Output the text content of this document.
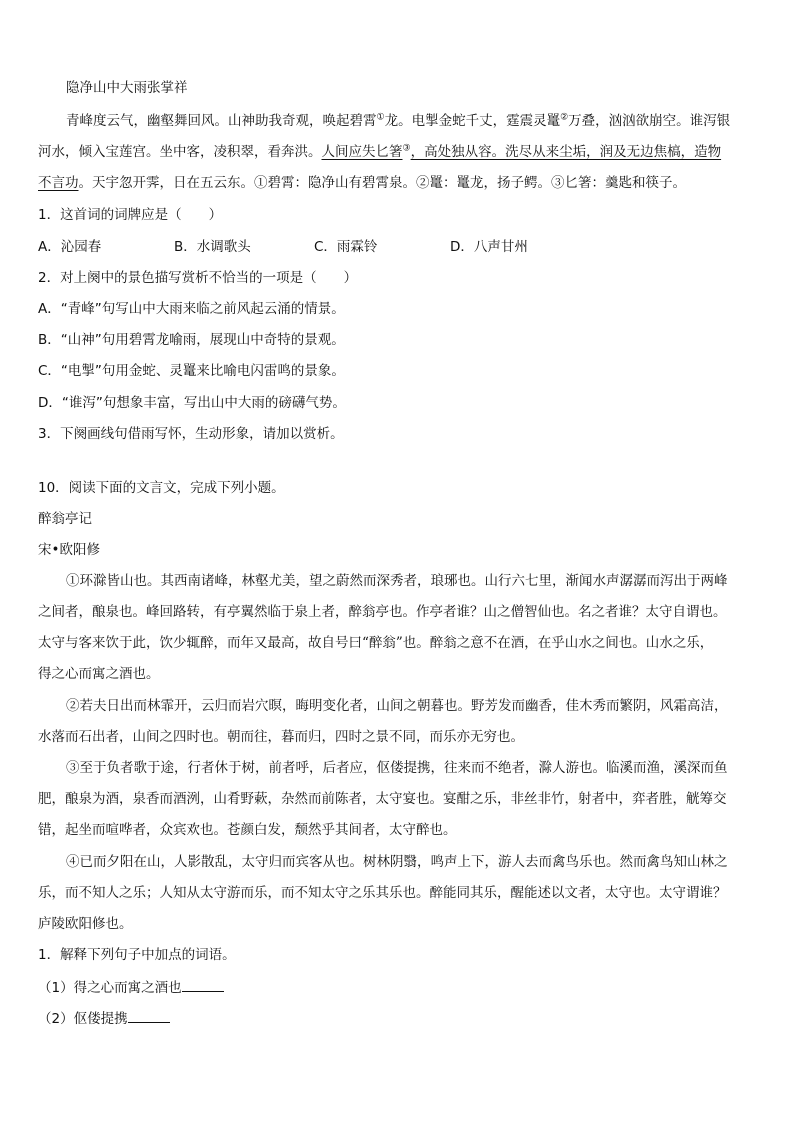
隐净山中大雨张掌祥
青峰度云气，幽壑舞回风。山神助我奇观，唤起碧霄①龙。电掣金蛇千丈，霆震灵鼍②万叠，汹汹欲崩空。谁泻银
河水，倾入宝莲宫。坐中客，凌积翠，看奔洪。人间应失匕箸③，高处独从容。洗尽从来尘垢，润及无边焦槁，造物
不言功。天宇忽开霁，日在五云东。①碧霄：隐净山有碧霄泉。②鼍：鼍龙，扬子鳄。③匕箸：羹匙和筷子。
1．这首词的词牌应是（　　）
A．沁园春	B．水调歌头	C．雨霖铃	D．八声甘州
2．对上阕中的景色描写赏析不恰当的一项是（　　）
A．“青峰”句写山中大雨来临之前风起云涌的情景。
B．“山神”句用碧霄龙喻雨，展现山中奇特的景观。
C．“电掣”句用金蛇、灵鼍来比喻电闪雷鸣的景象。
D．“谁泻”句想象丰富，写出山中大雨的磅礴气势。
3．下阕画线句借雨写怀，生动形象，请加以赏析。
10．阅读下面的文言文，完成下列小题。
醉翁亭记
宋•欧阳修
①环滁皆山也。其西南诸峰，林壑尤美，望之蔚然而深秀者，琅琊也。山行六七里，渐闻水声潺潺而泻出于两峰
之间者，酿泉也。峰回路转，有亭翼然临于泉上者，醉翁亭也。作亭者谁？山之僧智仙也。名之者谁？太守自谓也。
太守与客来饮于此，饮少辄醉，而年又最高，故自号曰“醉翁”也。醉翁之意不在酒，在乎山水之间也。山水之乐，
得之心而寓之酒也。
②若夫日出而林霏开，云归而岩穴暝，晦明变化者，山间之朝暮也。野芳发而幽香，佳木秀而繁阴，风霜高洁，
水落而石出者，山间之四时也。朝而往，暮而归，四时之景不同，而乐亦无穷也。
③至于负者歌于途，行者休于树，前者呼，后者应，伛偻提携，往来而不绝者，滁人游也。临溪而渔，溪深而鱼
肥，酿泉为酒，泉香而酒洌，山肴野蔌，杂然而前陈者，太守宴也。宴酣之乐，非丝非竹，射者中，弈者胜，觥筹交
错，起坐而喧哗者，众宾欢也。苍颜白发，颓然乎其间者，太守醉也。
④已而夕阳在山，人影散乱，太守归而宾客从也。树林阴翳，鸣声上下，游人去而禽鸟乐也。然而禽鸟知山林之
乐，而不知人之乐；人知从太守游而乐，而不知太守之乐其乐也。醉能同其乐，醒能述以文者，太守也。太守谓谁？
庐陵欧阳修也。
1．解释下列句子中加点的词语。
（1）得之心而寓之酒也
（2）伛偻提携
